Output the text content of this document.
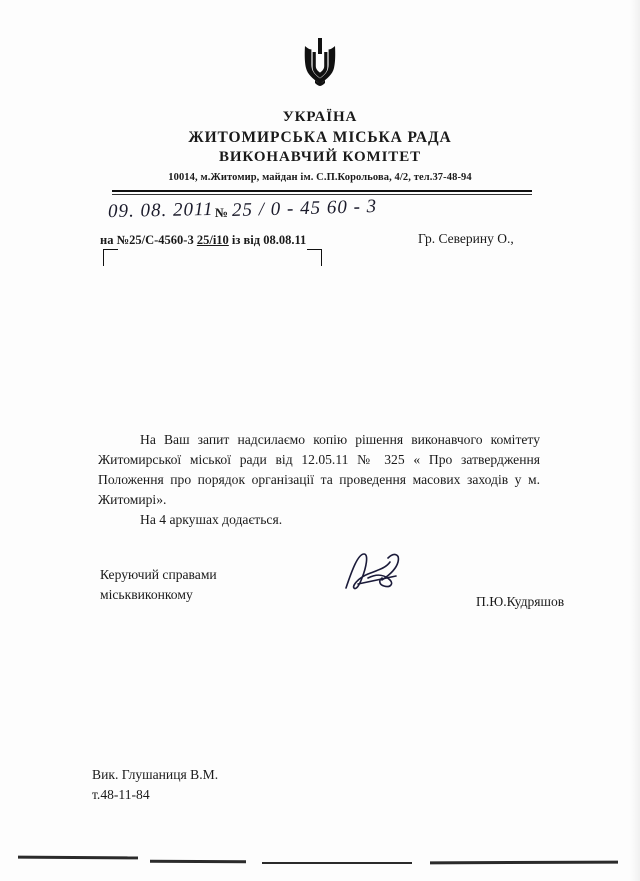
УКРАЇНА
ЖИТОМИРСЬКА МІСЬКА РАДА
ВИКОНАВЧИЙ КОМІТЕТ
10014, м.Житомир, майдан ім. С.П.Корольова, 4/2, тел.37-48-94
09. 08. 2011 № 25 / 0 - 45 60 - 3
на №25/С-4560-3 25/і10 із від 08.08.11	Гр. Северину О.,

На Ваш запит надсилаємо копію рішення виконавчого комітету Житомирської міської ради від 12.05.11 № 325 « Про затвердження Положення про порядок організації та проведення масових заходів у м. Житомирі».

На 4 аркушах додається.

Керуючий справами
міськвиконкому	П.Ю.Кудряшов
Вик. Глушаниця В.М.
т.48-11-84
